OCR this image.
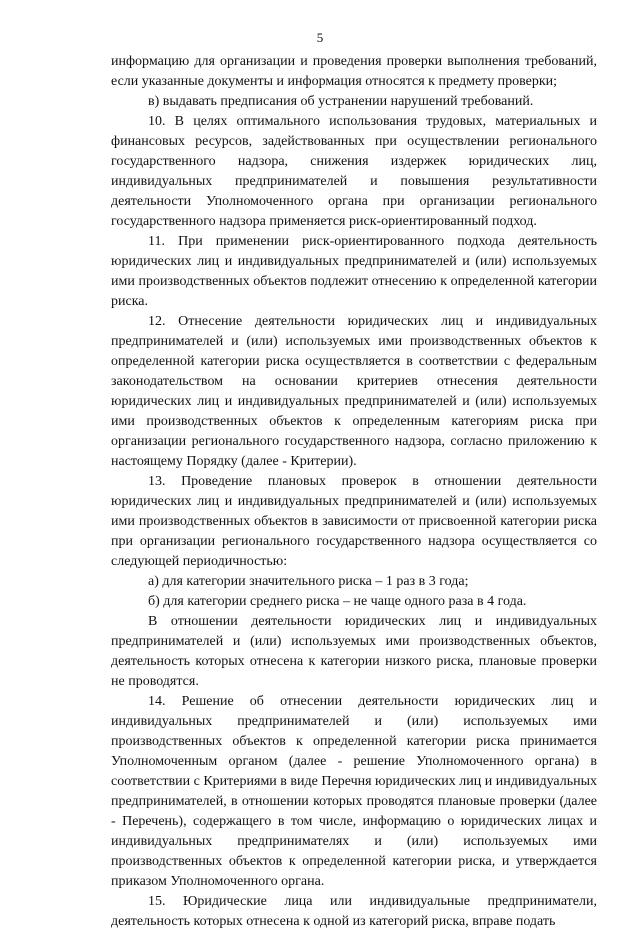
5

информацию для организации и проведения проверки выполнения требований, если указанные документы и информация относятся к предмету проверки;

в) выдавать предписания об устранении нарушений требований.

10. В целях оптимального использования трудовых, материальных и финансовых ресурсов, задействованных при осуществлении регионального государственного надзора, снижения издержек юридических лиц, индивидуальных предпринимателей и повышения результативности деятельности Уполномоченного органа при организации регионального государственного надзора применяется риск-ориентированный подход.

11. При применении риск-ориентированного подхода деятельность юридических лиц и индивидуальных предпринимателей и (или) используемых ими производственных объектов подлежит отнесению к определенной категории риска.

12. Отнесение деятельности юридических лиц и индивидуальных предпринимателей и (или) используемых ими производственных объектов к определенной категории риска осуществляется в соответствии с федеральным законодательством на основании критериев отнесения деятельности юридических лиц и индивидуальных предпринимателей и (или) используемых ими производственных объектов к определенным категориям риска при организации регионального государственного надзора, согласно приложению к настоящему Порядку (далее - Критерии).

13. Проведение плановых проверок в отношении деятельности юридических лиц и индивидуальных предпринимателей и (или) используемых ими производственных объектов в зависимости от присвоенной категории риска при организации регионального государственного надзора осуществляется со следующей периодичностью:

а) для категории значительного риска – 1 раз в 3 года;

б) для категории среднего риска – не чаще одного раза в 4 года.

В отношении деятельности юридических лиц и индивидуальных предпринимателей и (или) используемых ими производственных объектов, деятельность которых отнесена к категории низкого риска, плановые проверки не проводятся.

14. Решение об отнесении деятельности юридических лиц и индивидуальных предпринимателей и (или) используемых ими производственных объектов к определенной категории риска принимается Уполномоченным органом (далее - решение Уполномоченного органа) в соответствии с Критериями в виде Перечня юридических лиц и индивидуальных предпринимателей, в отношении которых проводятся плановые проверки (далее - Перечень), содержащего в том числе, информацию о юридических лицах и индивидуальных предпринимателях и (или) используемых ими производственных объектов к определенной категории риска, и утверждается приказом Уполномоченного органа.

15. Юридические лица или индивидуальные предприниматели, деятельность которых отнесена к одной из категорий риска, вправе подать
